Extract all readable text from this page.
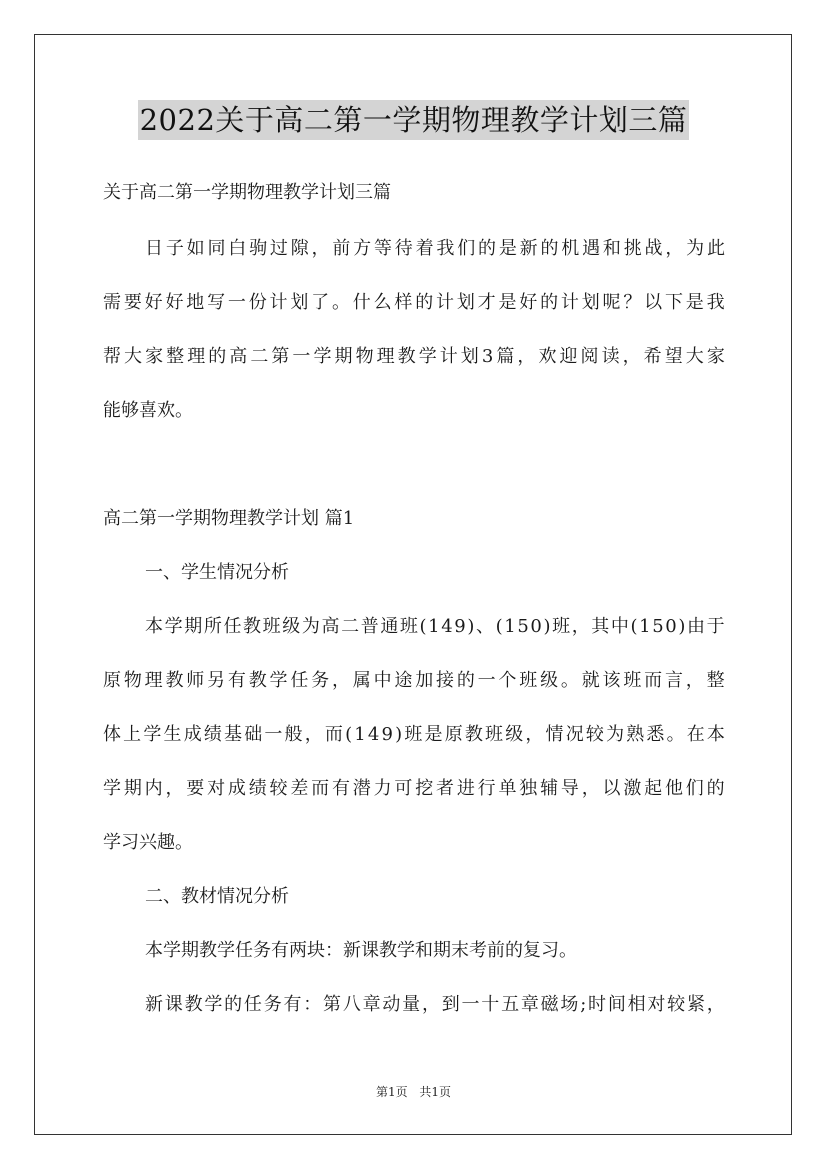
2022关于高二第一学期物理教学计划三篇
关于高二第一学期物理教学计划三篇
日 子 如 同 白 驹 过 隙 ， 前 方 等 待 着 我 们 的 是 新 的 机 遇 和 挑 战 ， 为 此
需 要 好 好 地 写 一 份 计 划 了 。 什 么 样 的 计 划 才 是 好 的 计 划 呢 ？ 以 下 是 我
帮 大 家 整 理 的 高 二 第 一 学 期 物 理 教 学 计 划 3 篇 ， 欢 迎 阅 读 ， 希 望 大 家
能够喜欢。
高二第一学期物理教学计划 篇1
一、学生情况分析
本 学 期 所 任 教 班 级 为 高 二 普 通 班 ( 1 4 9 ) 、 ( 1 5 0 ) 班 ， 其 中 ( 1 5 0 ) 由 于
原 物 理 教 师 另 有 教 学 任 务 ， 属 中 途 加 接 的 一 个 班 级 。 就 该 班 而 言 ， 整
体 上 学 生 成 绩 基 础 一 般 ， 而 ( 1 4 9 ) 班 是 原 教 班 级 ， 情 况 较 为 熟 悉 。 在 本
学 期 内 ， 要 对 成 绩 较 差 而 有 潜 力 可 挖 者 进 行 单 独 辅 导 ， 以 激 起 他 们 的
学习兴趣。
二、教材情况分析
本学期教学任务有两块：新课教学和期末考前的复习。
新 课 教 学 的 任 务 有 ： 第 八 章 动 量 ， 到 一 十 五 章 磁 场 ; 时 间 相 对 较 紧 ，
第1页 共1页
